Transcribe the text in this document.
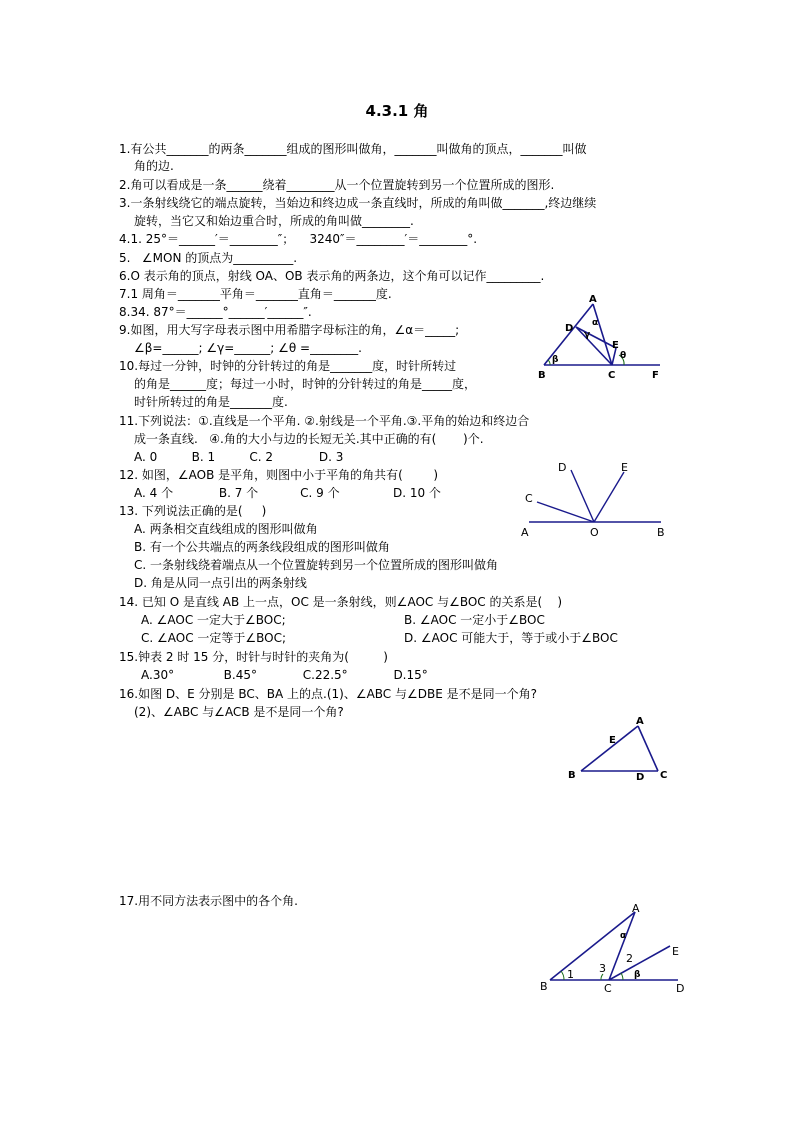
4.3.1 角
1.有公共_______的两条_______组成的图形叫做角，_______叫做角的顶点，_______叫做
角的边.
2.角可以看成是一条______绕着________从一个位置旋转到另一个位置所成的图形.
3.一条射线绕它的端点旋转，当始边和终边成一条直线时，所成的角叫做_______,终边继续
旋转，当它又和始边重合时，所成的角叫做________.
4.1. 25°＝______′＝________″；    3240″＝________′＝________°.
5.   ∠MON 的顶点为__________.
6.O 表示角的顶点，射线 OA、OB 表示角的两条边，这个角可以记作_________.
7.1 周角＝_______平角＝_______直角＝_______度.
8.34. 87°＝______°______′______″.
9.如图，用大写字母表示图中用希腊字母标注的角，∠α＝_____;
∠β=______; ∠γ=______; ∠θ =________.
10.每过一分钟，时钟的分针转过的角是_______度，时针所转过
的角是______度；每过一小时，时钟的分针转过的角是_____度，
时针所转过的角是_______度.
11.下列说法：①.直线是一个平角. ②.射线是一个平角.③.平角的始边和终边合
成一条直线.   ④.角的大小与边的长短无关.其中正确的有(       )个.
A. 0         B. 1         C. 2            D. 3
12. 如图，∠AOB 是平角，则图中小于平角的角共有(        )
A. 4 个            B. 7 个           C. 9 个              D. 10 个
13. 下列说法正确的是(     )
A. 两条相交直线组成的图形叫做角
B. 有一个公共端点的两条线段组成的图形叫做角
C. 一条射线绕着端点从一个位置旋转到另一个位置所成的图形叫做角
D. 角是从同一点引出的两条射线
14. 已知 O 是直线 AB 上一点，OC 是一条射线，则∠AOC 与∠BOC 的关系是(    )
A. ∠AOC 一定大于∠BOC;	B. ∠AOC 一定小于∠BOC
C. ∠AOC 一定等于∠BOC;	D. ∠AOC 可能大于，等于或小于∠BOC
15.钟表 2 时 15 分，时针与时针的夹角为(         )
A.30°             B.45°            C.22.5°            D.15°
16.如图 D、E 分别是 BC、BA 上的点.(1)、∠ABC 与∠DBE 是不是同一个角?
(2)、∠ABC 与∠ACB 是不是同一个角?
17.用不同方法表示图中的各个角.
A
D
E
B	C	F
α
γ
β	θ
A	O	B
C
D	E
A
E
B	D C
A
E
B	C	D
1
2
3
α
β
